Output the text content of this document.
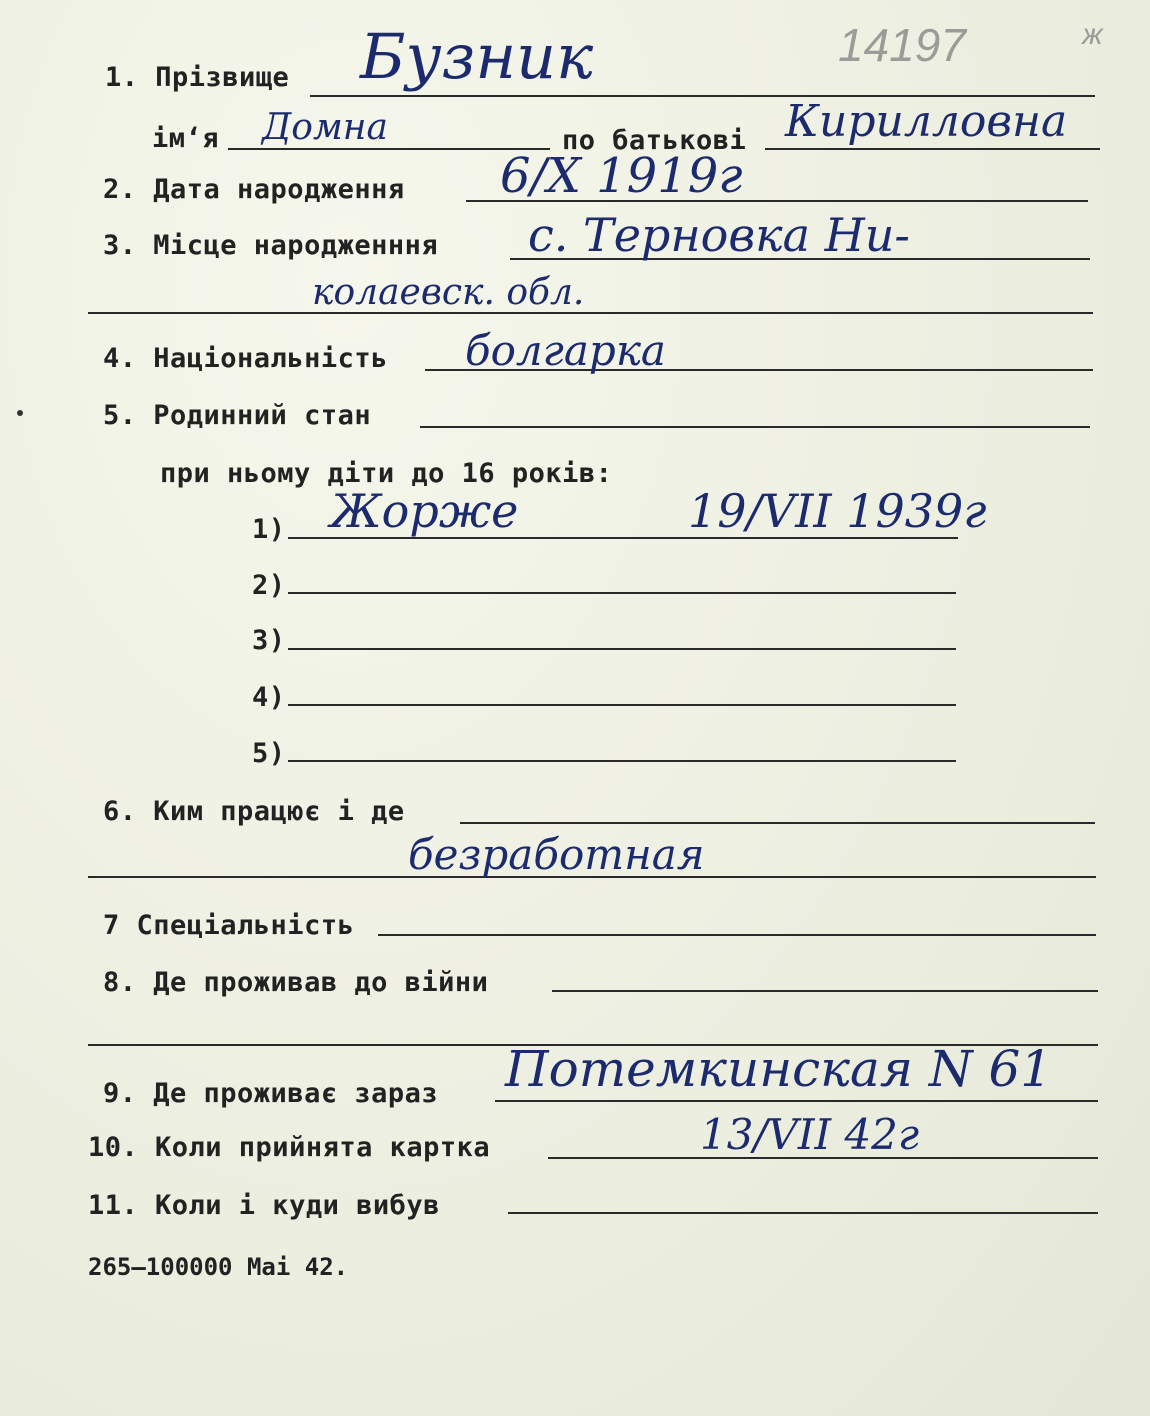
14197	ж
1. Прізвище Бузник
ім‘я Домна	по батькові Кирилловна
2. Дата народження 6/X 1919г
3. Місце народженння с. Терновка Ни-
колаевск. обл.
4. Національність болгарка
5. Родинний стан
при ньому діти до 16 років:
1) Жорже	19/VII 1939г
2)
3)
4)
5)
6. Ким працює і де
безработная
7 Спеціальність
8. Де проживав до війни
9. Де проживає зараз Потемкинская N 61
10. Коли прийнята картка	13/VII 42г
11. Коли і куди вибув
265–100000 Mai 42.
